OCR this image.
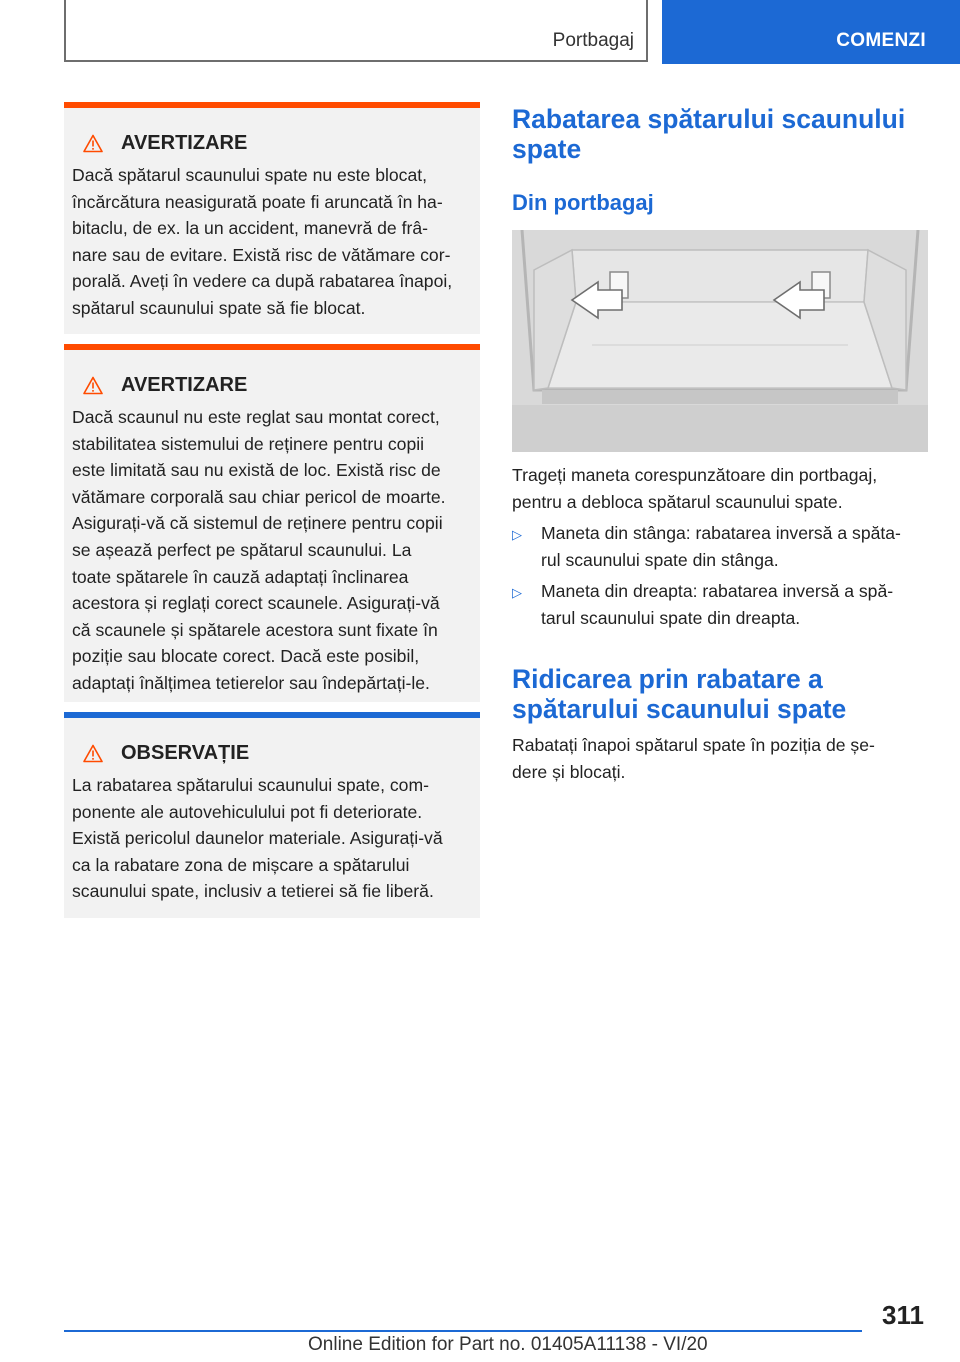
Portbagaj	COMENZI
AVERTIZARE
Dacă spătarul scaunului spate nu este blocat,
încărcătura neasigurată poate fi aruncată în ha‐
bitaclu, de ex. la un accident, manevră de frâ‐
nare sau de evitare. Există risc de vătămare cor‐
porală. Aveți în vedere ca după rabatarea înapoi,
spătarul scaunului spate să fie blocat.
AVERTIZARE
Dacă scaunul nu este reglat sau montat corect,
stabilitatea sistemului de reținere pentru copii
este limitată sau nu există de loc. Există risc de
vătămare corporală sau chiar pericol de moarte.
Asigurați-vă că sistemul de reținere pentru copii
se așează perfect pe spătarul scaunului. La
toate spătarele în cauză adaptați înclinarea
acestora și reglați corect scaunele. Asigurați-vă
că scaunele și spătarele acestora sunt fixate în
poziție sau blocate corect. Dacă este posibil,
adaptați înălțimea tetierelor sau îndepărtați-le.
OBSERVAȚIE
La rabatarea spătarului scaunului spate, com‐
ponente ale autovehiculului pot fi deteriorate.
Există pericolul daunelor materiale. Asigurați-vă
ca la rabatare zona de mișcare a spătarului
scaunului spate, inclusiv a tetierei să fie liberă.
Rabatarea spătarului scaunului spate
Din portbagaj
Trageți maneta corespunzătoare din portbagaj,
pentru a debloca spătarul scaunului spate.
▷	Maneta din stânga: rabatarea inversă a spăta‐
rul scaunului spate din stânga.
▷	Maneta din dreapta: rabatarea inversă a spă‐
tarul scaunului spate din dreapta.
Ridicarea prin rabatare a spătarului scaunului spate
Rabatați înapoi spătarul spate în poziția de șe‐
dere și blocați.
311
Online Edition for Part no. 01405A11138 - VI/20
